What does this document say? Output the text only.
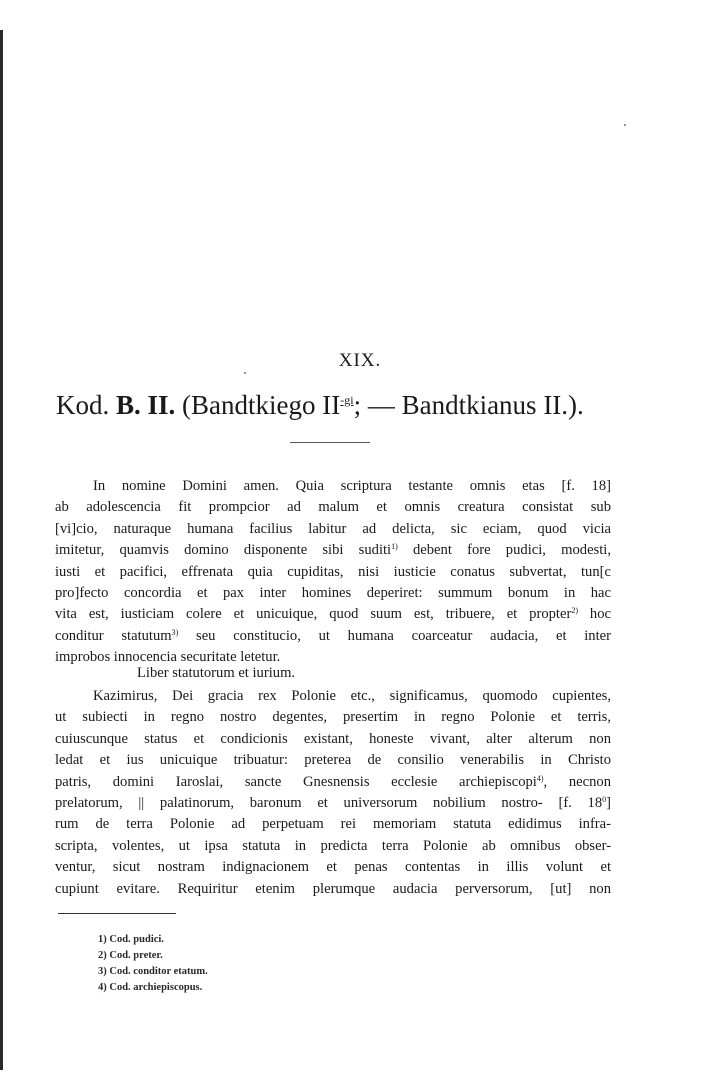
XIX.
Kod. B. II. (Bandtkiego $II^{-gi}$; — Bandtkianus II.).
In nomine Domini amen. Quia scriptura testante omnis etas [f. 18]
ab adolescencia fit prompcior ad malum et omnis creatura consistat sub
[vi]cio, naturaque humana facilius labitur ad delicta, sic eciam, quod vicia
imitetur, quamvis domino disponente sibi suditi$^{1)}$ debent fore pudici, modesti,
iusti et pacifici, effrenata quia cupiditas, nisi iusticie conatus subvertat, tun[c
pro]fecto concordia et pax inter homines deperiret: summum bonum in hac
vita est, iusticiam colere et unicuique, quod suum est, tribuere, et propter$^{2)}$ hoc
conditur statutum$^{3)}$ seu constitucio, ut humana coarceatur audacia, et inter
improbos innocencia securitate letetur.
Liber statutorum et iurium.
Kazimirus, Dei gracia rex Polonie etc., significamus, quomodo cupientes,
ut subiecti in regno nostro degentes, presertim in regno Polonie et terris,
cuiuscunque status et condicionis existant, honeste vivant, alter alterum non
ledat et ius unicuique tribuatur: preterea de consilio venerabilis in Christo
patris, domini Iaroslai, sancte Gnesnensis ecclesie archiepiscopi$^{4)}$, necnon
prelatorum, || palatinorum, baronum et universorum nobilium nostro- [f. $18^0$]
rum de terra Polonie ad perpetuam rei memoriam statuta edidimus infra-
scripta, volentes, ut ipsa statuta in predicta terra Polonie ab omnibus obser-
ventur, sicut nostram indignacionem et penas contentas in illis volunt et
cupiunt evitare. Requiritur etenim plerumque audacia perversorum, [ut] non
1) Cod. pudici.
2) Cod. preter.
3) Cod. conditor etatum.
4) Cod. archiepiscopus.
